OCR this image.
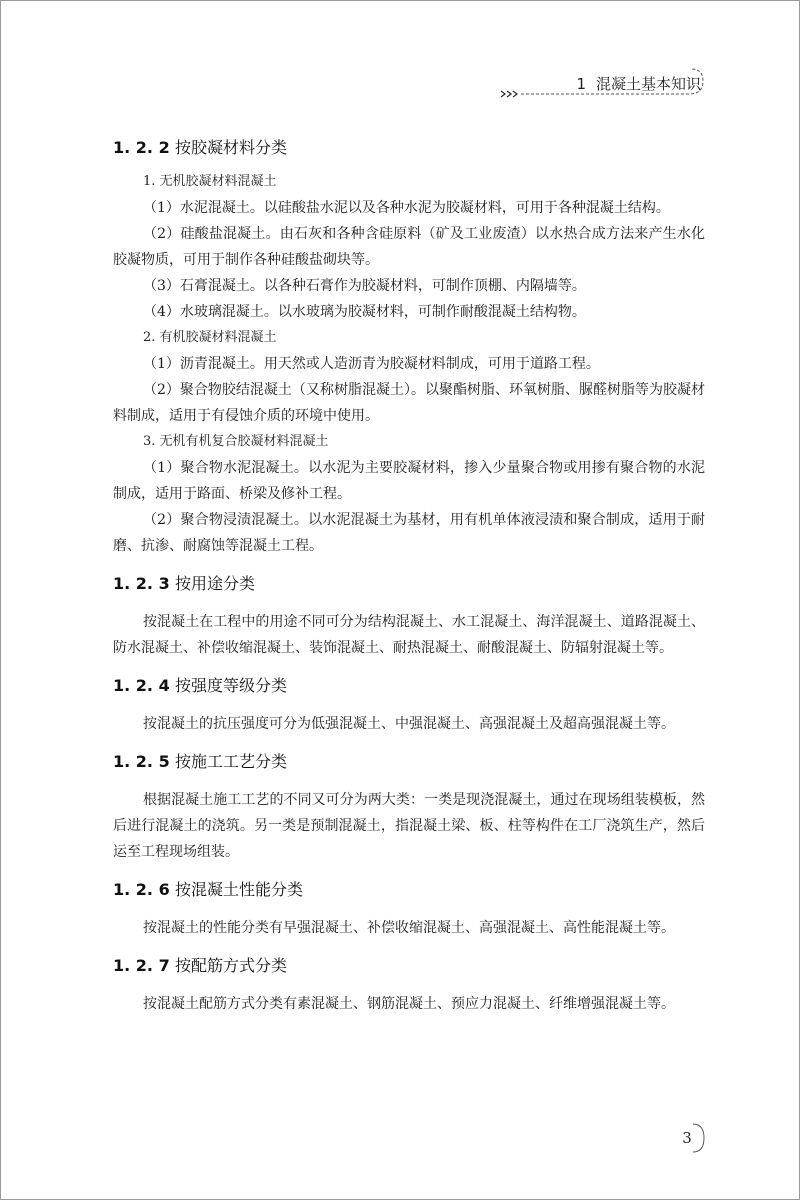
1 混凝土基本知识
1. 2. 2 按胶凝材料分类

1. 无机胶凝材料混凝土

（1）水泥混凝土。以硅酸盐水泥以及各种水泥为胶凝材料，可用于各种混凝土结构。

（2）硅酸盐混凝土。由石灰和各种含硅原料（矿及工业废渣）以水热合成方法来产生水化胶凝物质，可用于制作各种硅酸盐砌块等。

（3）石膏混凝土。以各种石膏作为胶凝材料，可制作顶棚、内隔墙等。

（4）水玻璃混凝土。以水玻璃为胶凝材料，可制作耐酸混凝土结构物。

2. 有机胶凝材料混凝土

（1）沥青混凝土。用天然或人造沥青为胶凝材料制成，可用于道路工程。

（2）聚合物胶结混凝土（又称树脂混凝土）。以聚酯树脂、环氧树脂、脲醛树脂等为胶凝材料制成，适用于有侵蚀介质的环境中使用。

3. 无机有机复合胶凝材料混凝土

（1）聚合物水泥混凝土。以水泥为主要胶凝材料，掺入少量聚合物或用掺有聚合物的水泥制成，适用于路面、桥梁及修补工程。

（2）聚合物浸渍混凝土。以水泥混凝土为基材，用有机单体液浸渍和聚合制成，适用于耐磨、抗渗、耐腐蚀等混凝土工程。

1. 2. 3 按用途分类

按混凝土在工程中的用途不同可分为结构混凝土、水工混凝土、海洋混凝土、道路混凝土、防水混凝土、补偿收缩混凝土、装饰混凝土、耐热混凝土、耐酸混凝土、防辐射混凝土等。

1. 2. 4 按强度等级分类

按混凝土的抗压强度可分为低强混凝土、中强混凝土、高强混凝土及超高强混凝土等。

1. 2. 5 按施工工艺分类

根据混凝土施工工艺的不同又可分为两大类：一类是现浇混凝土，通过在现场组装模板，然后进行混凝土的浇筑。另一类是预制混凝土，指混凝土梁、板、柱等构件在工厂浇筑生产，然后运至工程现场组装。

1. 2. 6 按混凝土性能分类

按混凝土的性能分类有早强混凝土、补偿收缩混凝土、高强混凝土、高性能混凝土等。

1. 2. 7 按配筋方式分类

按混凝土配筋方式分类有素混凝土、钢筋混凝土、预应力混凝土、纤维增强混凝土等。

3
